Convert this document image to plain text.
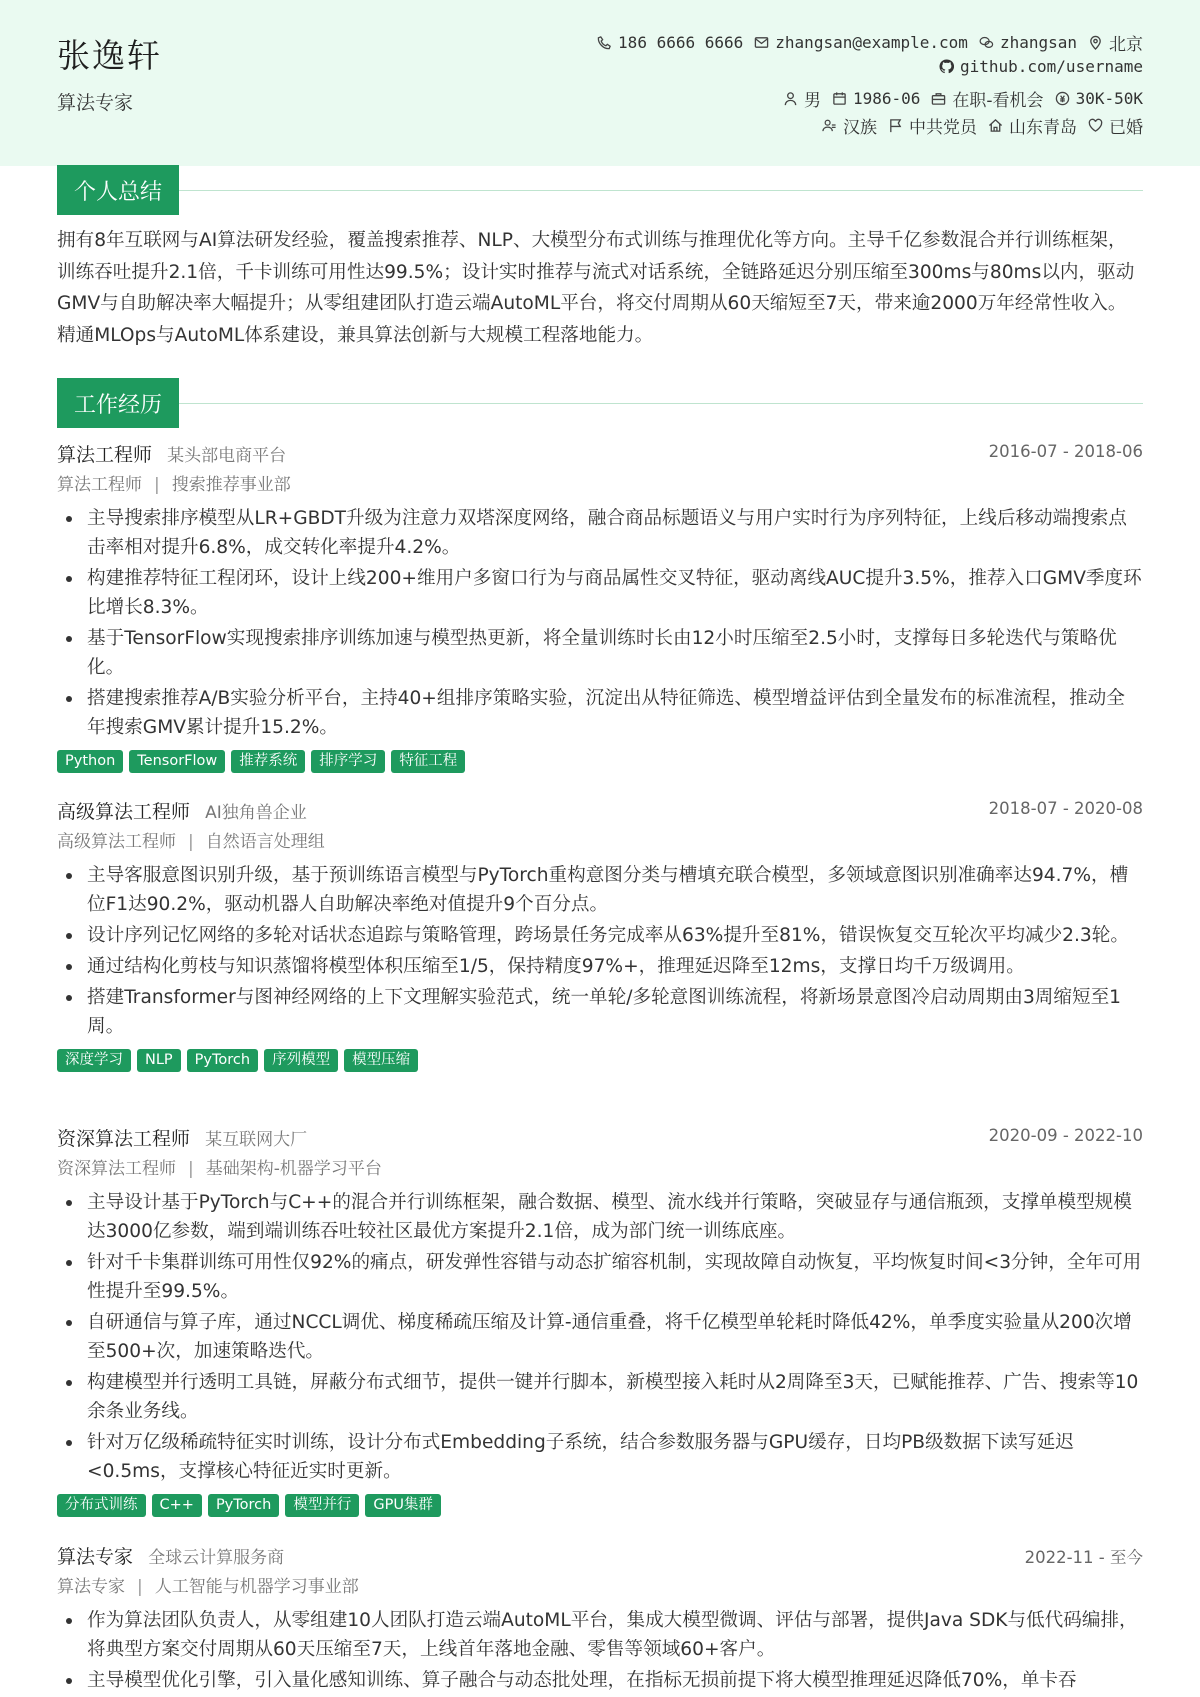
张逸轩
算法专家
186 6666 6666 zhangsan@example.com zhangsan 北京
github.com/username
男 1986-06 在职-看机会 30K-50K
汉族 中共党员 山东青岛 已婚
个人总结

拥有8年互联网与AI算法研发经验，覆盖搜索推荐、NLP、大模型分布式训练与推理优化等方向。主导千亿参数混合并行训练框架，训练吞吐提升2.1倍，千卡训练可用性达99.5%；设计实时推荐与流式对话系统，全链路延迟分别压缩至300ms与80ms以内，驱动GMV与自助解决率大幅提升；从零组建团队打造云端AutoML平台，将交付周期从60天缩短至7天，带来逾2000万年经常性收入。精通MLOps与AutoML体系建设，兼具算法创新与大规模工程落地能力。

工作经历
算法工程师 某头部电商平台	2016-07 - 2018-06
算法工程师 | 搜索推荐事业部
主导搜索排序模型从LR+GBDT升级为注意力双塔深度网络，融合商品标题语义与用户实时行为序列特征，上线后移动端搜索点击率相对提升6.8%，成交转化率提升4.2%。
构建推荐特征工程闭环，设计上线200+维用户多窗口行为与商品属性交叉特征，驱动离线AUC提升3.5%，推荐入口GMV季度环比增长8.3%。
基于TensorFlow实现搜索排序训练加速与模型热更新，将全量训练时长由12小时压缩至2.5小时，支撑每日多轮迭代与策略优化。
搭建搜索推荐A/B实验分析平台，主持40+组排序策略实验，沉淀出从特征筛选、模型增益评估到全量发布的标准流程，推动全年搜索GMV累计提升15.2%。
Python	TensorFlow	推荐系统	排序学习	特征工程
高级算法工程师 AI独角兽企业	2018-07 - 2020-08
高级算法工程师 | 自然语言处理组
主导客服意图识别升级，基于预训练语言模型与PyTorch重构意图分类与槽填充联合模型，多领域意图识别准确率达94.7%，槽位F1达90.2%，驱动机器人自助解决率绝对值提升9个百分点。
设计序列记忆网络的多轮对话状态追踪与策略管理，跨场景任务完成率从63%提升至81%，错误恢复交互轮次平均减少2.3轮。
通过结构化剪枝与知识蒸馏将模型体积压缩至1/5，保持精度97%+，推理延迟降至12ms，支撑日均千万级调用。
搭建Transformer与图神经网络的上下文理解实验范式，统一单轮/多轮意图训练流程，将新场景意图冷启动周期由3周缩短至1周。
深度学习	NLP	PyTorch	序列模型	模型压缩
资深算法工程师 某互联网大厂	2020-09 - 2022-10
资深算法工程师 | 基础架构-机器学习平台
主导设计基于PyTorch与C++的混合并行训练框架，融合数据、模型、流水线并行策略，突破显存与通信瓶颈，支撑单模型规模达3000亿参数，端到端训练吞吐较社区最优方案提升2.1倍，成为部门统一训练底座。
针对千卡集群训练可用性仅92%的痛点，研发弹性容错与动态扩缩容机制，实现故障自动恢复，平均恢复时间<3分钟，全年可用性提升至99.5%。
自研通信与算子库，通过NCCL调优、梯度稀疏压缩及计算-通信重叠，将千亿模型单轮耗时降低42%，单季度实验量从200次增至500+次，加速策略迭代。
构建模型并行透明工具链，屏蔽分布式细节，提供一键并行脚本，新模型接入耗时从2周降至3天，已赋能推荐、广告、搜索等10余条业务线。
针对万亿级稀疏特征实时训练，设计分布式Embedding子系统，结合参数服务器与GPU缓存，日均PB级数据下读写延迟<0.5ms，支撑核心特征近实时更新。
分布式训练	C++	PyTorch	模型并行	GPU集群
算法专家 全球云计算服务商	2022-11 - 至今
算法专家 | 人工智能与机器学习事业部
作为算法团队负责人，从零组建10人团队打造云端AutoML平台，集成大模型微调、评估与部署，提供Java SDK与低代码编排，将典型方案交付周期从60天压缩至7天，上线首年落地金融、零售等领域60+客户。
主导模型优化引擎，引入量化感知训练、算子融合与动态批处理，在指标无损前提下将大模型推理延迟降低70%，单卡吞
